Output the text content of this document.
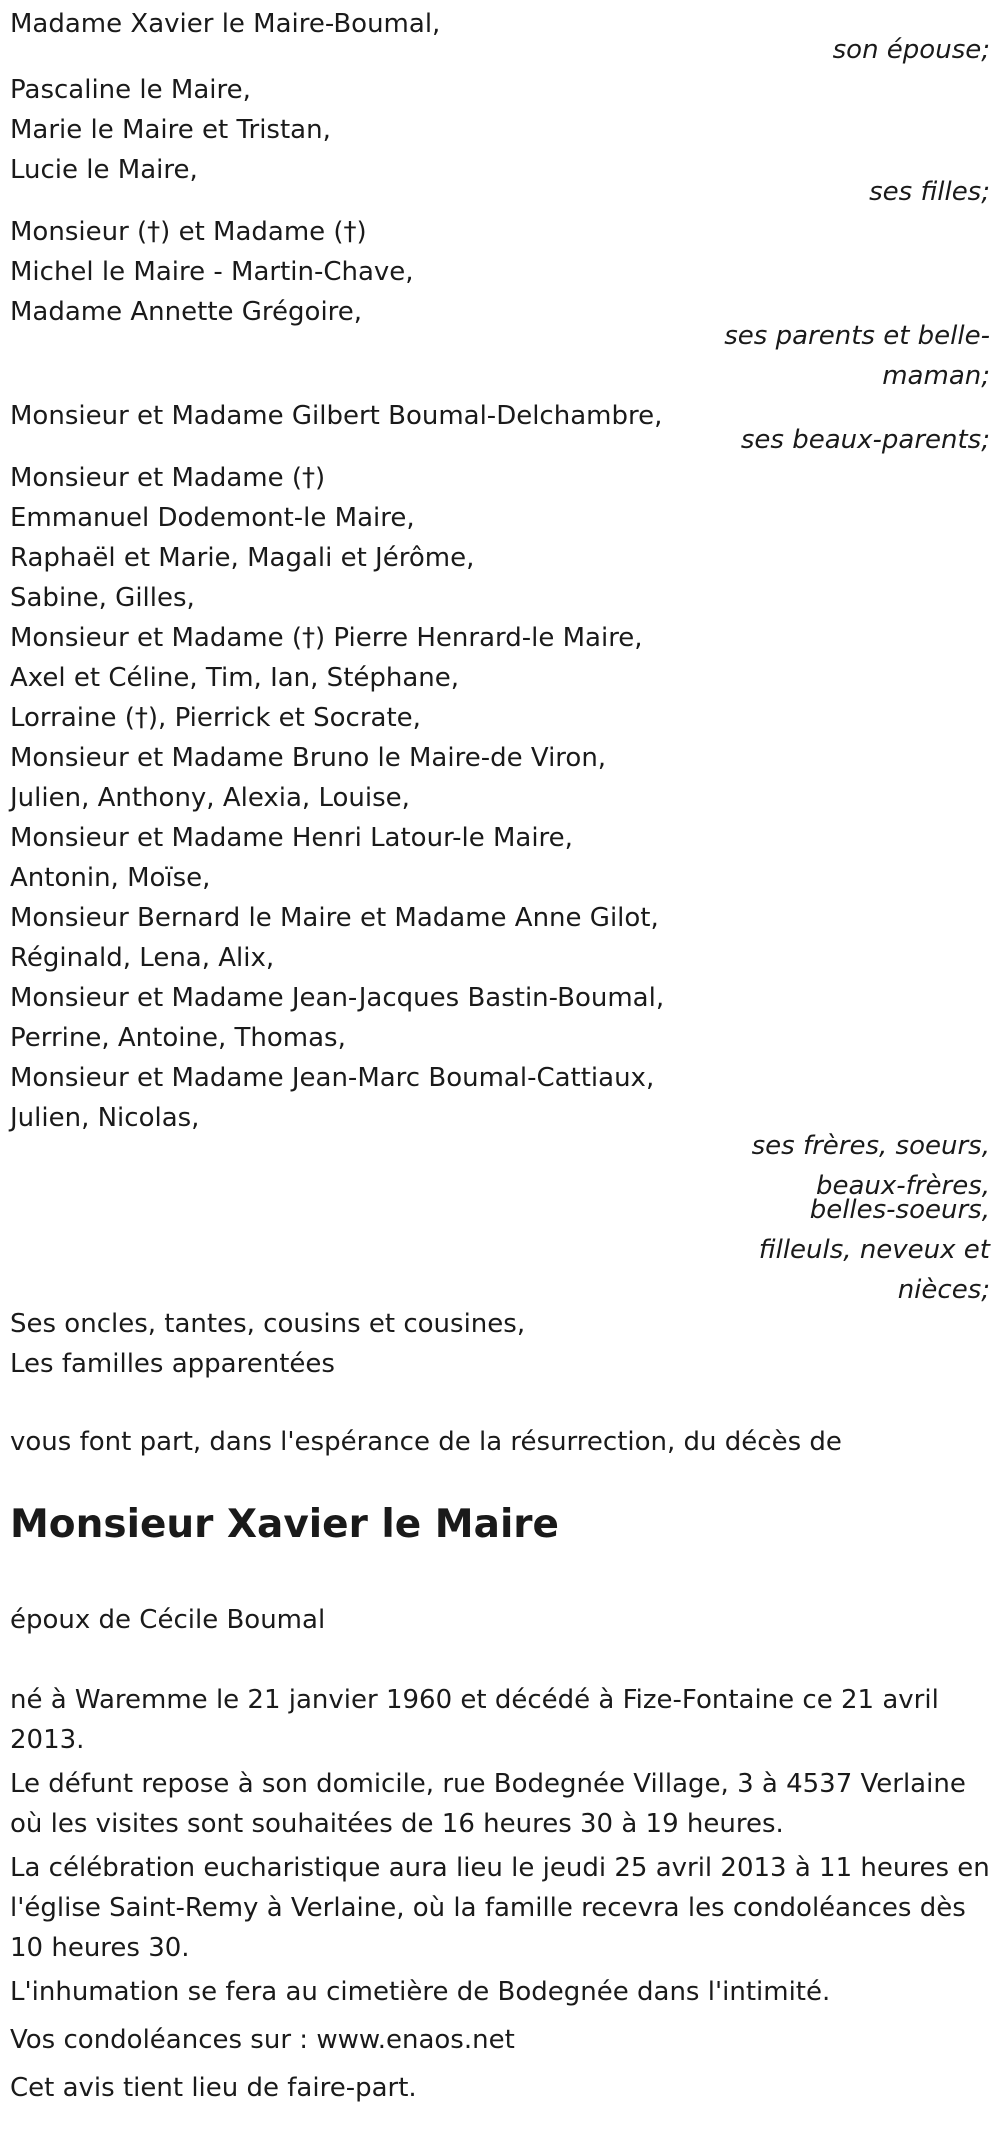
Madame Xavier le Maire-Boumal,
Pascaline le Maire,
Marie le Maire et Tristan,
Lucie le Maire,
Monsieur (†) et Madame (†)
Michel le Maire - Martin-Chave,
Madame Annette Grégoire,
Monsieur et Madame Gilbert Boumal-Delchambre,
Monsieur et Madame (†)
Emmanuel Dodemont-le Maire,
Raphaël et Marie, Magali et Jérôme,
Sabine, Gilles,
Monsieur et Madame (†) Pierre Henrard-le Maire,
Axel et Céline, Tim, Ian, Stéphane,
Lorraine (†), Pierrick et Socrate,
Monsieur et Madame Bruno le Maire-de Viron,
Julien, Anthony, Alexia, Louise,
Monsieur et Madame Henri Latour-le Maire,
Antonin, Moïse,
Monsieur Bernard le Maire et Madame Anne Gilot,
Réginald, Lena, Alix,
Monsieur et Madame Jean-Jacques Bastin-Boumal,
Perrine, Antoine, Thomas,
Monsieur et Madame Jean-Marc Boumal-Cattiaux,
Julien, Nicolas,
Ses oncles, tantes, cousins et cousines,
Les familles apparentées
son épouse;
ses filles;
ses parents et belle-
maman;
ses beaux-parents;
ses frères, soeurs,
beaux-frères,
belles-soeurs,
filleuls, neveux et
nièces;
vous font part, dans l'espérance de la résurrection, du décès de
Monsieur Xavier le Maire
époux de Cécile Boumal
né à Waremme le 21 janvier 1960 et décédé à Fize-Fontaine ce 21 avril 2013.
Le défunt repose à son domicile, rue Bodegnée Village, 3 à 4537 Verlaine où les visites sont souhaitées de 16 heures 30 à 19 heures.
La célébration eucharistique aura lieu le jeudi 25 avril 2013 à 11 heures en l'église Saint-Remy à Verlaine, où la famille recevra les condoléances dès 10 heures 30.
L'inhumation se fera au cimetière de Bodegnée dans l'intimité.
Vos condoléances sur : www.enaos.net
Cet avis tient lieu de faire-part.
